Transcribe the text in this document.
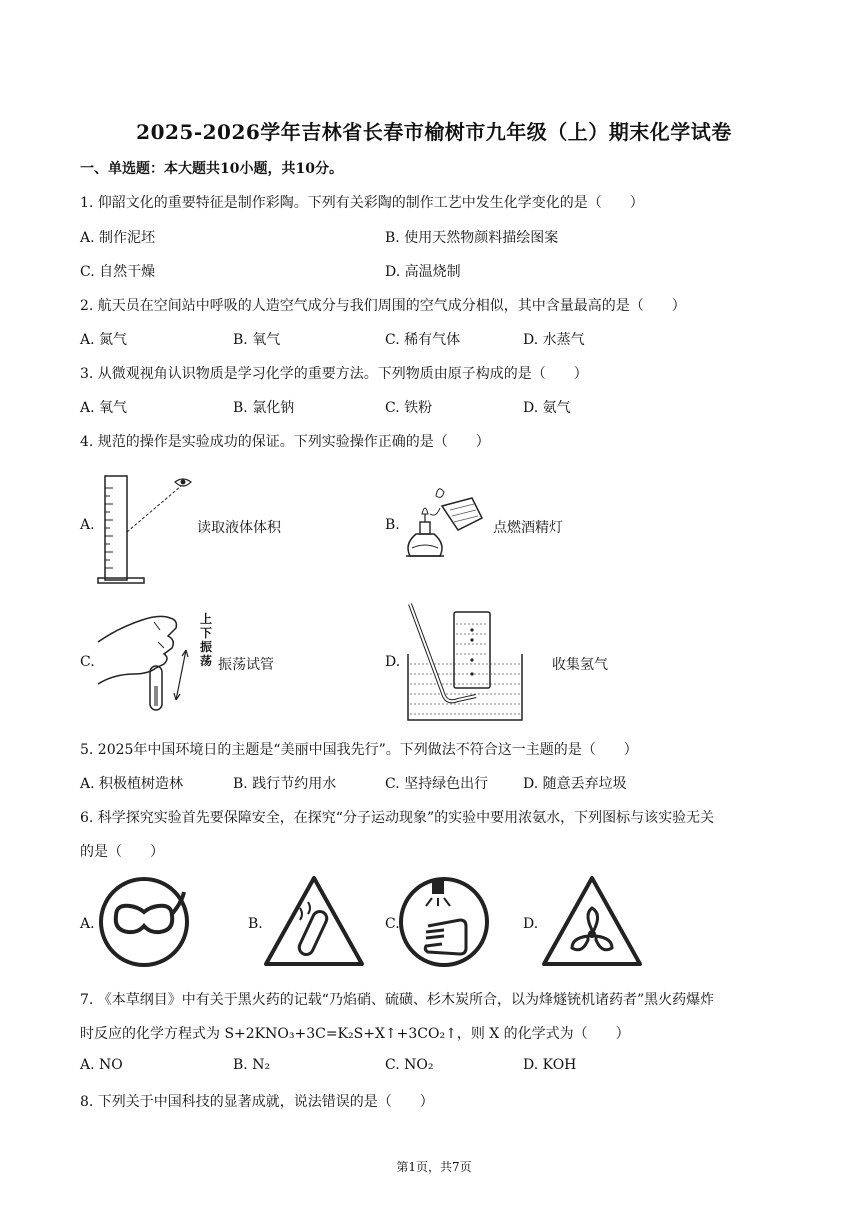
2025-2026学年吉林省长春市榆树市九年级（上）期末化学试卷
一、单选题：本大题共10小题，共10分。
1. 仰韶文化的重要特征是制作彩陶。下列有关彩陶的制作工艺中发生化学变化的是（　　）
A. 制作泥坯	B. 使用天然物颜料描绘图案
C. 自然干燥	D. 高温烧制
2. 航天员在空间站中呼吸的人造空气成分与我们周围的空气成分相似，其中含量最高的是（　　）
A. 氮气	B. 氧气	C. 稀有气体	D. 水蒸气
3. 从微观视角认识物质是学习化学的重要方法。下列物质由原子构成的是（　　）
A. 氧气	B. 氯化钠	C. 铁粉	D. 氨气
4. 规范的操作是实验成功的保证。下列实验操作正确的是（　　）
A.	读取液体体积	B.	点燃酒精灯
C.
上下振荡 振荡试管	D.	收集氢气
5. 2025年中国环境日的主题是“美丽中国我先行”。下列做法不符合这一主题的是（　　）
A. 积极植树造林	B. 践行节约用水	C. 坚持绿色出行 D. 随意丢弃垃圾
6. 科学探究实验首先要保障安全，在探究“分子运动现象”的实验中要用浓氨水，下列图标与该实验无关
的是（　　）
A.	B.	C.	D.
7. 《本草纲目》中有关于黑火药的记载“乃焰硝、硫磺、杉木炭所合，以为烽燧铳机诸药者”黑火药爆炸
时反应的化学方程式为 S+2KNO₃+3C=K₂S+X↑+3CO₂↑，则 X 的化学式为（　　）
A. NO	B. N₂	C. NO₂	D. KOH
8. 下列关于中国科技的显著成就，说法错误的是（　　）
第1页，共7页
